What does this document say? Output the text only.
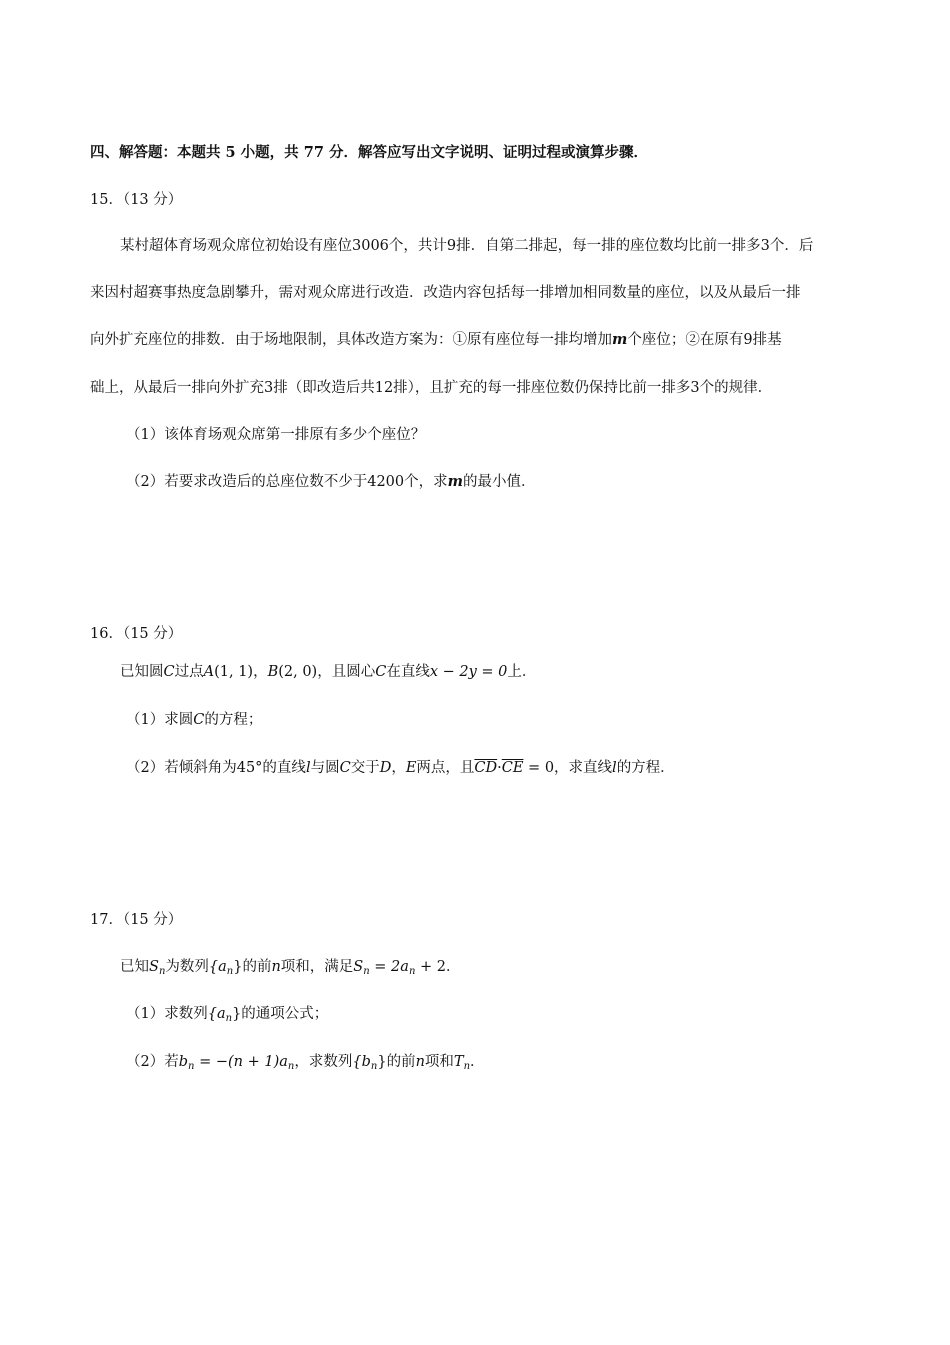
四、解答题：本题共 5 小题，共 77 分．解答应写出文字说明、证明过程或演算步骤．
15．（13 分）
某村超体育场观众席位初始设有座位3006个，共计9排．自第二排起，每一排的座位数均比前一排多3个．后
来因村超赛事热度急剧攀升，需对观众席进行改造．改造内容包括每一排增加相同数量的座位，以及从最后一排
向外扩充座位的排数．由于场地限制，具体改造方案为：①原有座位每一排均增加m个座位；②在原有9排基
础上，从最后一排向外扩充3排（即改造后共12排），且扩充的每一排座位数仍保持比前一排多3个的规律．
（1）该体育场观众席第一排原有多少个座位？
（2）若要求改造后的总座位数不少于4200个，求m的最小值．
16．（15 分）
已知圆C过点A(1, 1)，B(2, 0)，且圆心C在直线x − 2y = 0上．
（1）求圆C的方程；
（2）若倾斜角为45°的直线l与圆C交于D，E两点，且$\overline{CD}\cdot\overline{CE} = 0$，求直线l的方程．
17．（15 分）
已知$S_n$为数列$\{a_n\}$的前n项和，满足$S_n = 2a_n + 2$．
（1）求数列$\{a_n\}$的通项公式；
（2）若$b_n = -(n + 1)a_n$，求数列$\{b_n\}$的前n项和$T_n$．
